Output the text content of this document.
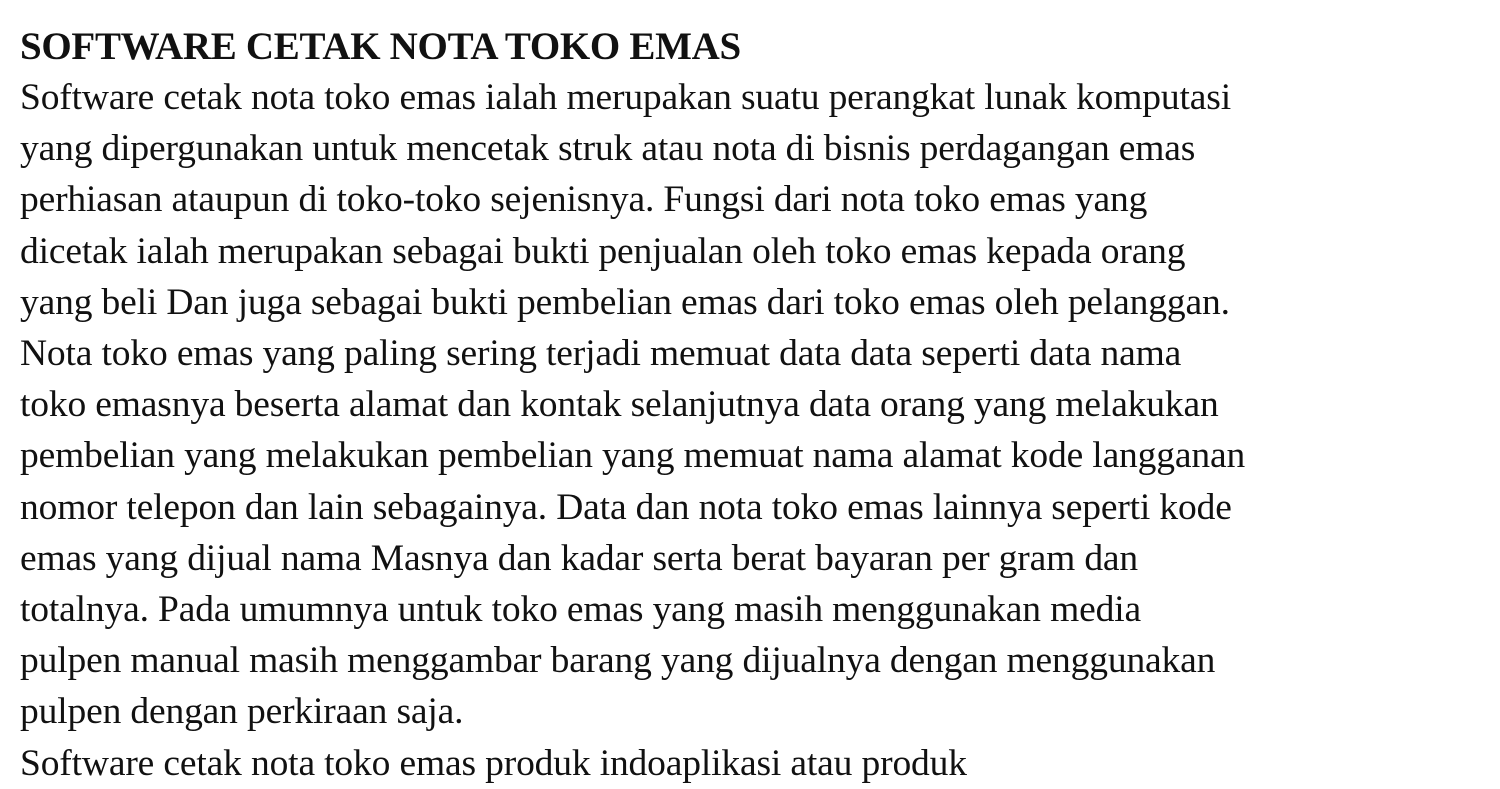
SOFTWARE CETAK NOTA TOKO EMAS

Software cetak nota toko emas ialah merupakan suatu perangkat lunak komputasi

yang dipergunakan untuk mencetak struk atau nota di bisnis perdagangan emas

perhiasan ataupun di toko-toko sejenisnya. Fungsi dari nota toko emas yang

dicetak ialah merupakan sebagai bukti penjualan oleh toko emas kepada orang

yang beli Dan juga sebagai bukti pembelian emas dari toko emas oleh pelanggan.

Nota toko emas yang paling sering terjadi memuat data data seperti data nama

toko emasnya beserta alamat dan kontak selanjutnya data orang yang melakukan

pembelian yang melakukan pembelian yang memuat nama alamat kode langganan

nomor telepon dan lain sebagainya. Data dan nota toko emas lainnya seperti kode

emas yang dijual nama Masnya dan kadar serta berat bayaran per gram dan

totalnya. Pada umumnya untuk toko emas yang masih menggunakan media

pulpen manual masih menggambar barang yang dijualnya dengan menggunakan

pulpen dengan perkiraan saja.

Software cetak nota toko emas produk indoaplikasi atau produk
